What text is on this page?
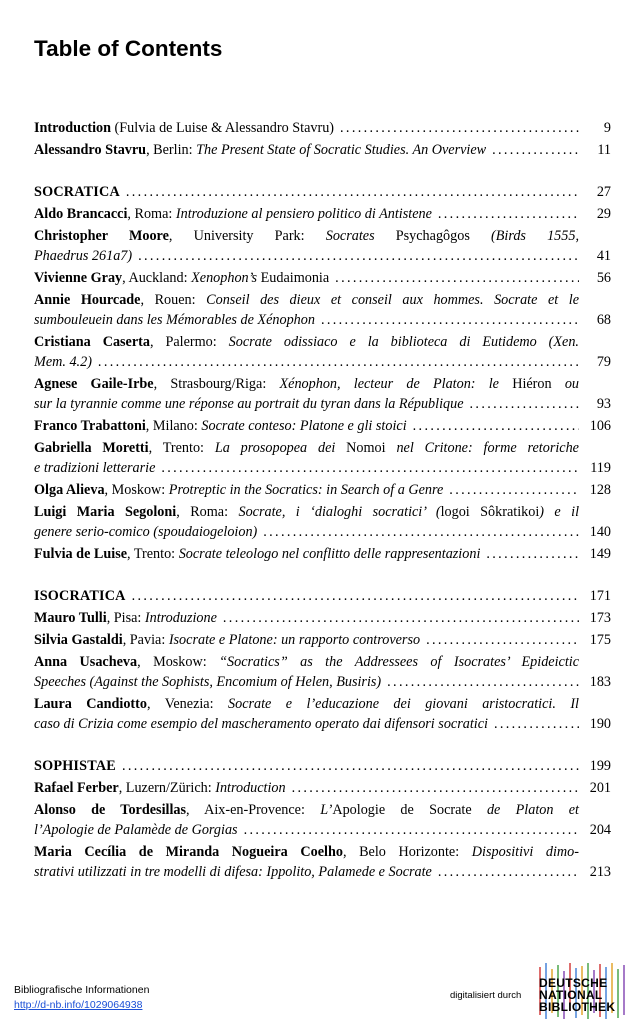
Table of Contents
Introduction (Fulvia de Luise & Alessandro Stavru) . . .	9
Alessandro Stavru, Berlin: The Present State of Socratic Studies. An Overview . . .	11
SOCRATICA . . .	27
Aldo Brancacci, Roma: Introduzione al pensiero politico di Antistene . . .	29
Christopher Moore, University Park: Socrates Psychagôgos (Birds 1555,
Phaedrus 261a7) . . .	41
Vivienne Gray, Auckland: Xenophon’s Eudaimonia . . .	56
Annie Hourcade, Rouen: Conseil des dieux et conseil aux hommes. Socrate et le
sumbouleuein dans les Mémorables de Xénophon . . .	68
Cristiana Caserta, Palermo: Socrate odissiaco e la biblioteca di Eutidemo (Xen.
Mem. 4.2) . . .	79
Agnese Gaile-Irbe, Strasbourg/Riga: Xénophon, lecteur de Platon: le Hiéron ou
sur la tyrannie comme une réponse au portrait du tyran dans la République . . .	93
Franco Trabattoni, Milano: Socrate conteso: Platone e gli stoici . . .	106
Gabriella Moretti, Trento: La prosopopea dei Nomoi nel Critone: forme retoriche
e tradizioni letterarie . . .	119
Olga Alieva, Moskow: Protreptic in the Socratics: in Search of a Genre . . .	128
Luigi Maria Segoloni, Roma: Socrate, i ‘dialoghi socratici’ (logoi Sôkratikoi) e il
genere serio-comico (spoudaiogeloion) . . .	140
Fulvia de Luise, Trento: Socrate teleologo nel conflitto delle rappresentazioni . . .	149
ISOCRATICA . . .	171
Mauro Tulli, Pisa: Introduzione . . .	173
Silvia Gastaldi, Pavia: Isocrate e Platone: un rapporto controverso . . .	175
Anna Usacheva, Moskow: “Socratics” as the Addressees of Isocrates’ Epideictic
Speeches (Against the Sophists, Encomium of Helen, Busiris) . . .	183
Laura Candiotto, Venezia: Socrate e l’educazione dei giovani aristocratici. Il
caso di Crizia come esempio del mascheramento operato dai difensori socratici . . .	190
SOPHISTAE . . .	199
Rafael Ferber, Luzern/Zürich: Introduction . . .	201
Alonso de Tordesillas, Aix-en-Provence: L’Apologie de Socrate de Platon et
l’Apologie de Palamède de Gorgias . . .	204
Maria Cecília de Miranda Nogueira Coelho, Belo Horizonte: Dispositivi dimo-
strativi utilizzati in tre modelli di difesa: Ippolito, Palamede e Socrate . . .	213
Bibliografische Informationen
http://d-nb.info/1029064938
digitalisiert durch
DEUTSCHE
NATIONAL
BIBLIOTHEK
